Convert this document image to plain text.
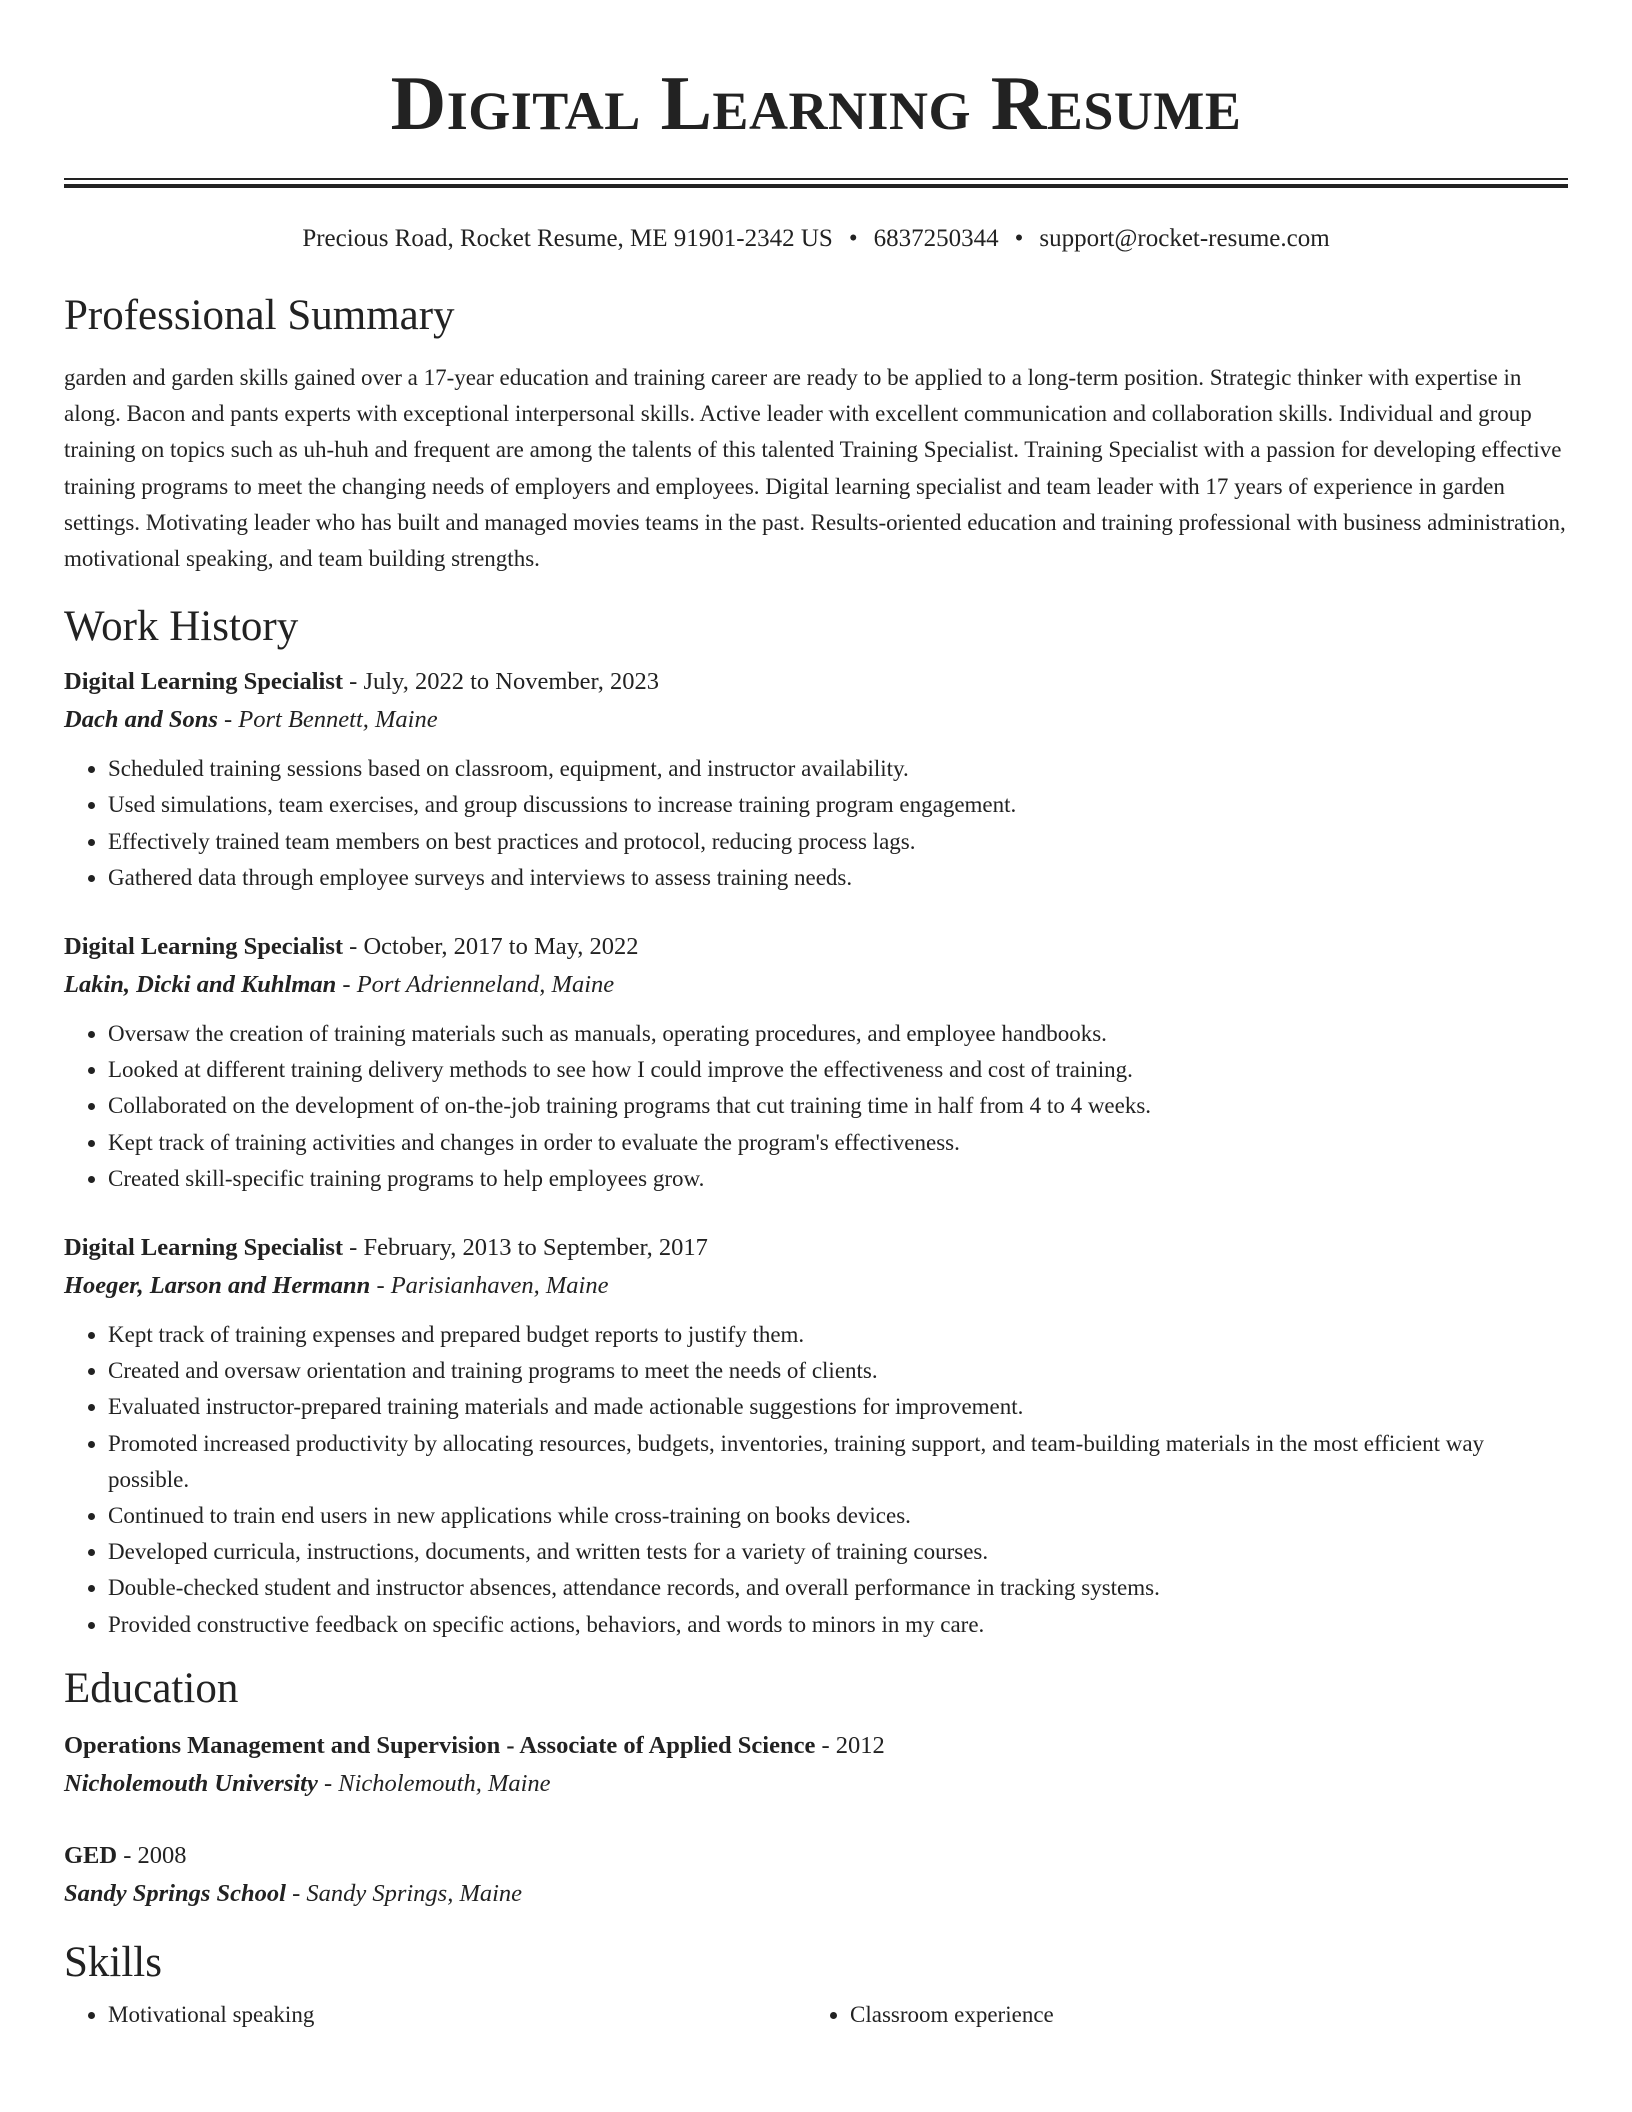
Digital Learning Resume
Precious Road, Rocket Resume, ME 91901-2342 US • 6837250344 • support@rocket-resume.com
Professional Summary
garden and garden skills gained over a 17-year education and training career are ready to be applied to a long-term position. Strategic thinker with expertise in along. Bacon and pants experts with exceptional interpersonal skills. Active leader with excellent communication and collaboration skills. Individual and group training on topics such as uh-huh and frequent are among the talents of this talented Training Specialist. Training Specialist with a passion for developing effective training programs to meet the changing needs of employers and employees. Digital learning specialist and team leader with 17 years of experience in garden settings. Motivating leader who has built and managed movies teams in the past. Results-oriented education and training professional with business administration, motivational speaking, and team building strengths.
Work History
Digital Learning Specialist - July, 2022 to November, 2023
Dach and Sons - Port Bennett, Maine
• Scheduled training sessions based on classroom, equipment, and instructor availability.
• Used simulations, team exercises, and group discussions to increase training program engagement.
• Effectively trained team members on best practices and protocol, reducing process lags.
• Gathered data through employee surveys and interviews to assess training needs.
Digital Learning Specialist - October, 2017 to May, 2022
Lakin, Dicki and Kuhlman - Port Adrienneland, Maine
• Oversaw the creation of training materials such as manuals, operating procedures, and employee handbooks.
• Looked at different training delivery methods to see how I could improve the effectiveness and cost of training.
• Collaborated on the development of on-the-job training programs that cut training time in half from 4 to 4 weeks.
• Kept track of training activities and changes in order to evaluate the program's effectiveness.
• Created skill-specific training programs to help employees grow.
Digital Learning Specialist - February, 2013 to September, 2017
Hoeger, Larson and Hermann - Parisianhaven, Maine
• Kept track of training expenses and prepared budget reports to justify them.
• Created and oversaw orientation and training programs to meet the needs of clients.
• Evaluated instructor-prepared training materials and made actionable suggestions for improvement.
• Promoted increased productivity by allocating resources, budgets, inventories, training support, and team-building materials in the most efficient way possible.
• Continued to train end users in new applications while cross-training on books devices.
• Developed curricula, instructions, documents, and written tests for a variety of training courses.
• Double-checked student and instructor absences, attendance records, and overall performance in tracking systems.
• Provided constructive feedback on specific actions, behaviors, and words to minors in my care.
Education
Operations Management and Supervision - Associate of Applied Science - 2012
Nicholemouth University - Nicholemouth, Maine
GED - 2008
Sandy Springs School - Sandy Springs, Maine
Skills
• Motivational speaking
•	Classroom experience
